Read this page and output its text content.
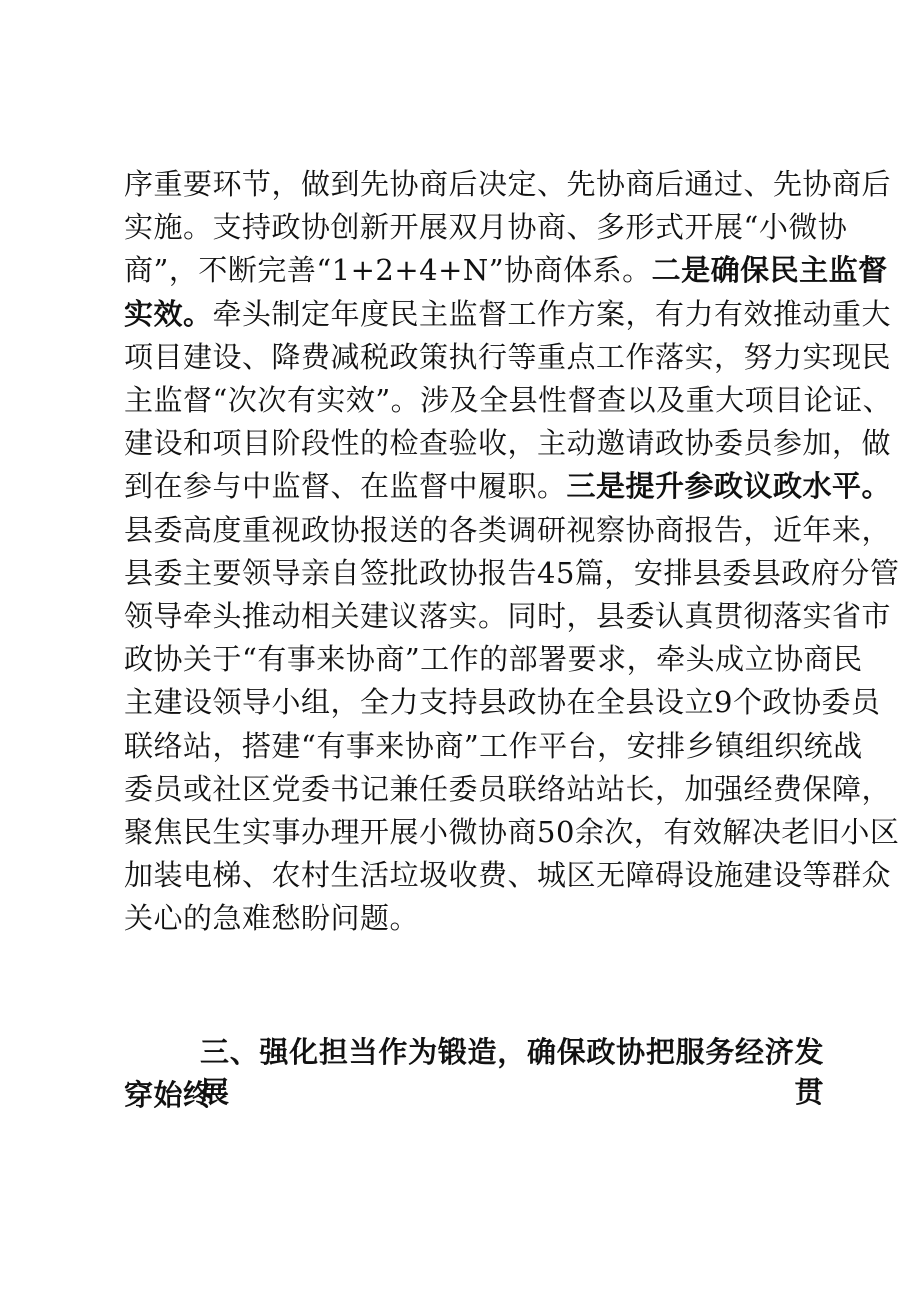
序重要环节，做到先协商后决定、先协商后通过、先协商后
实施。支持政协创新开展双月协商、多形式开展“小微协
商”，不断完善“1+2+4+N”协商体系。二是确保民主监督
实效。牵头制定年度民主监督工作方案，有力有效推动重大
项目建设、降费减税政策执行等重点工作落实，努力实现民
主监督“次次有实效”。涉及全县性督查以及重大项目论证、
建设和项目阶段性的检查验收，主动邀请政协委员参加，做
到在参与中监督、在监督中履职。三是提升参政议政水平。
县委高度重视政协报送的各类调研视察协商报告，近年来，
县委主要领导亲自签批政协报告45篇，安排县委县政府分管
领导牵头推动相关建议落实。同时，县委认真贯彻落实省市
政协关于“有事来协商”工作的部署要求，牵头成立协商民
主建设领导小组，全力支持县政协在全县设立9个政协委员
联络站，搭建“有事来协商”工作平台，安排乡镇组织统战
委员或社区党委书记兼任委员联络站站长，加强经费保障，
聚焦民生实事办理开展小微协商50余次，有效解决老旧小区
加装电梯、农村生活垃圾收费、城区无障碍设施建设等群众
关心的急难愁盼问题。
三、强化担当作为锻造，确保政协把服务经济发展贯
穿始终
